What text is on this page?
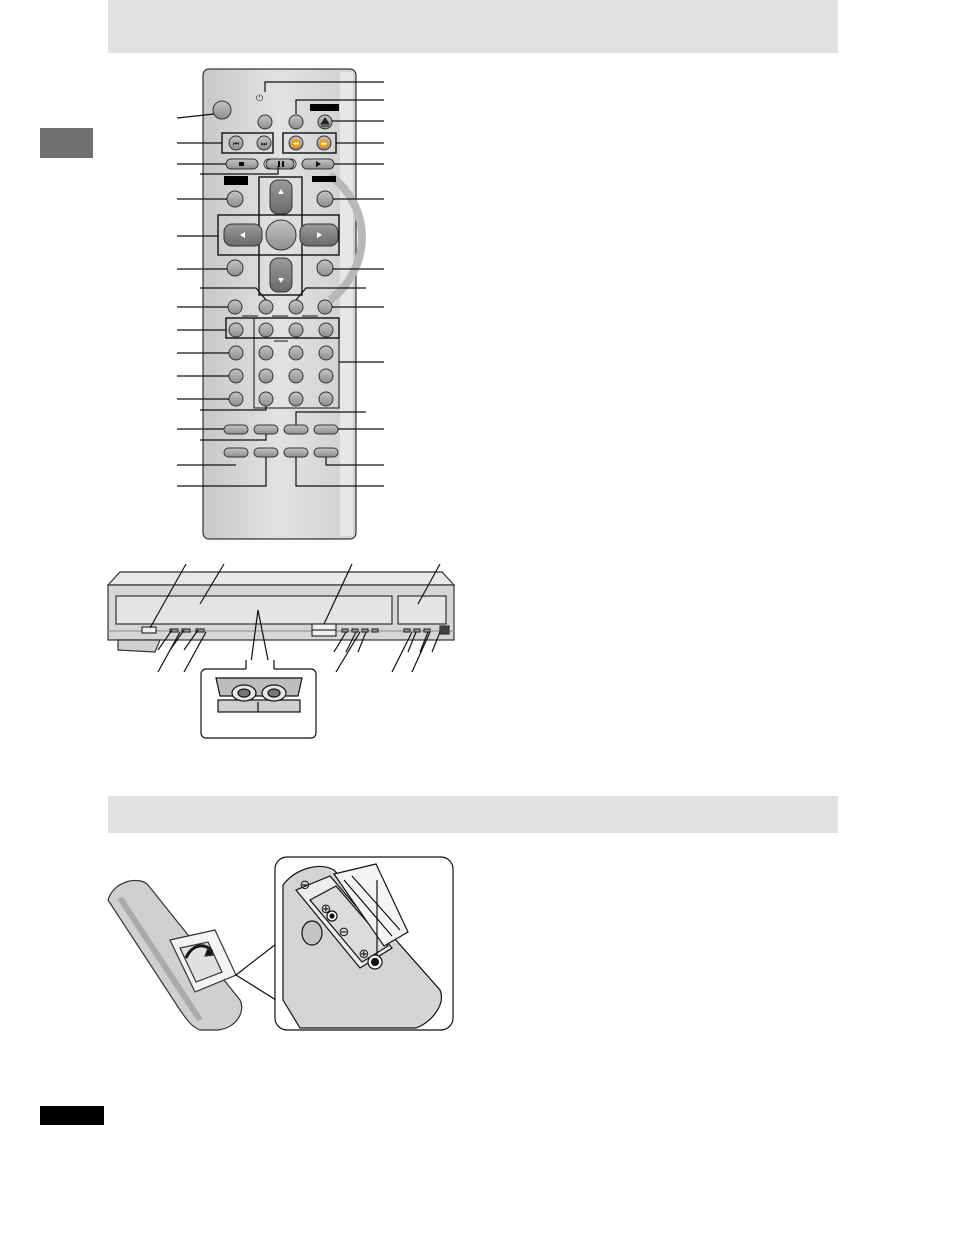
⏮	⏭	⏪	⏩
⊖
⊕
⊖
⊕
⏻
